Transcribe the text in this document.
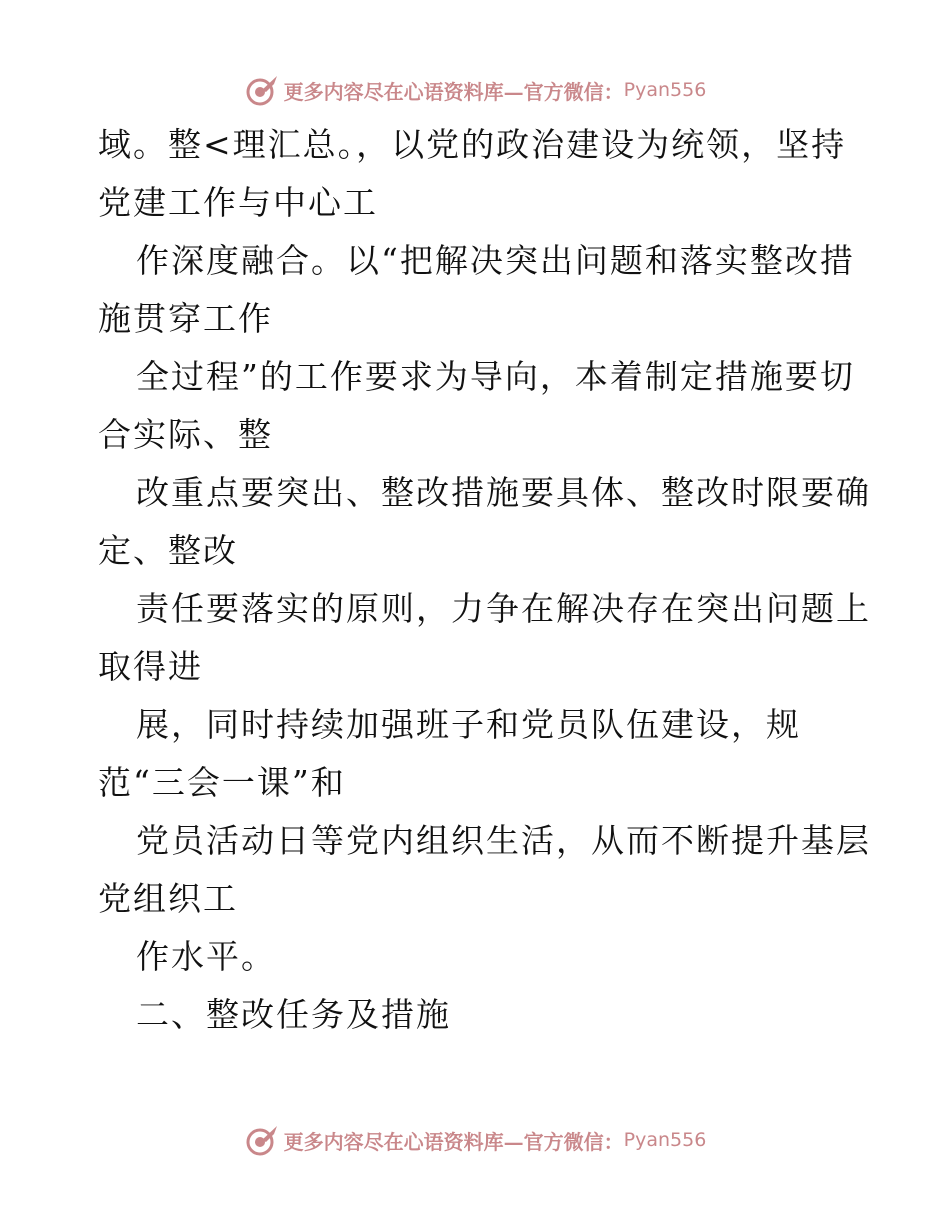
更多内容尽在心语资料库—官方微信： Pyan556
域。整<理汇总。，以党的政治建设为统领，坚持
党建工作与中心工
作深度融合。以“把解决突出问题和落实整改措
施贯穿工作
全过程”的工作要求为导向，本着制定措施要切
合实际、整
改重点要突出、整改措施要具体、整改时限要确
定、整改
责任要落实的原则，力争在解决存在突出问题上
取得进
展，同时持续加强班子和党员队伍建设，规
范“三会一课”和
党员活动日等党内组织生活，从而不断提升基层
党组织工
作水平。
二、整改任务及措施
更多内容尽在心语资料库—官方微信： Pyan556
